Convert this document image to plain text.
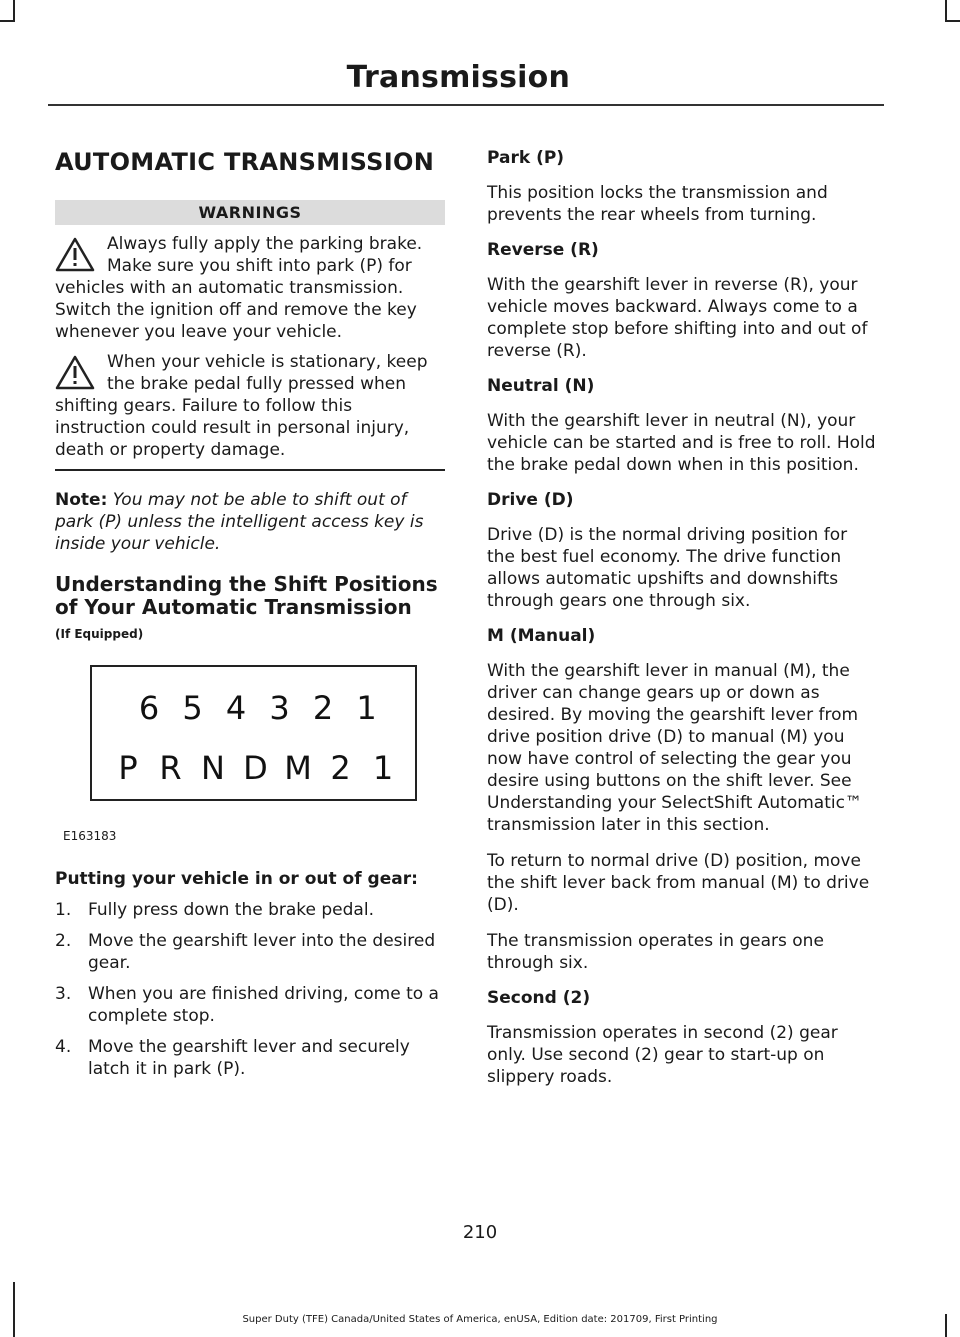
Transmission
AUTOMATIC TRANSMISSION
WARNINGS
Always fully apply the parking brake. Make sure you shift into park (P) for vehicles with an automatic transmission. Switch the ignition off and remove the key whenever you leave your vehicle.
When your vehicle is stationary, keep the brake pedal fully pressed when shifting gears. Failure to follow this instruction could result in personal injury, death or property damage.

Note: You may not be able to shift out of park (P) unless the intelligent access key is inside your vehicle.

Understanding the Shift Positions of Your Automatic Transmission
(If Equipped)
6 5 4 3 2 1
P R N D M 2 1
E163183
Putting your vehicle in or out of gear:
1. Fully press down the brake pedal.
2. Move the gearshift lever into the desired gear.
3. When you are finished driving, come to a complete stop.
4. Move the gearshift lever and securely latch it in park (P).
Park (P)

This position locks the transmission and prevents the rear wheels from turning.

Reverse (R)

With the gearshift lever in reverse (R), your vehicle moves backward. Always come to a complete stop before shifting into and out of reverse (R).

Neutral (N)

With the gearshift lever in neutral (N), your vehicle can be started and is free to roll. Hold the brake pedal down when in this position.

Drive (D)

Drive (D) is the normal driving position for the best fuel economy. The drive function allows automatic upshifts and downshifts through gears one through six.

M (Manual)

With the gearshift lever in manual (M), the driver can change gears up or down as desired. By moving the gearshift lever from drive position drive (D) to manual (M) you now have control of selecting the gear you desire using buttons on the shift lever. See Understanding your SelectShift Automatic™ transmission later in this section.

To return to normal drive (D) position, move the shift lever back from manual (M) to drive (D).

The transmission operates in gears one through six.

Second (2)

Transmission operates in second (2) gear only. Use second (2) gear to start-up on slippery roads.

210
Super Duty (TFE) Canada/United States of America, enUSA, Edition date: 201709, First Printing
